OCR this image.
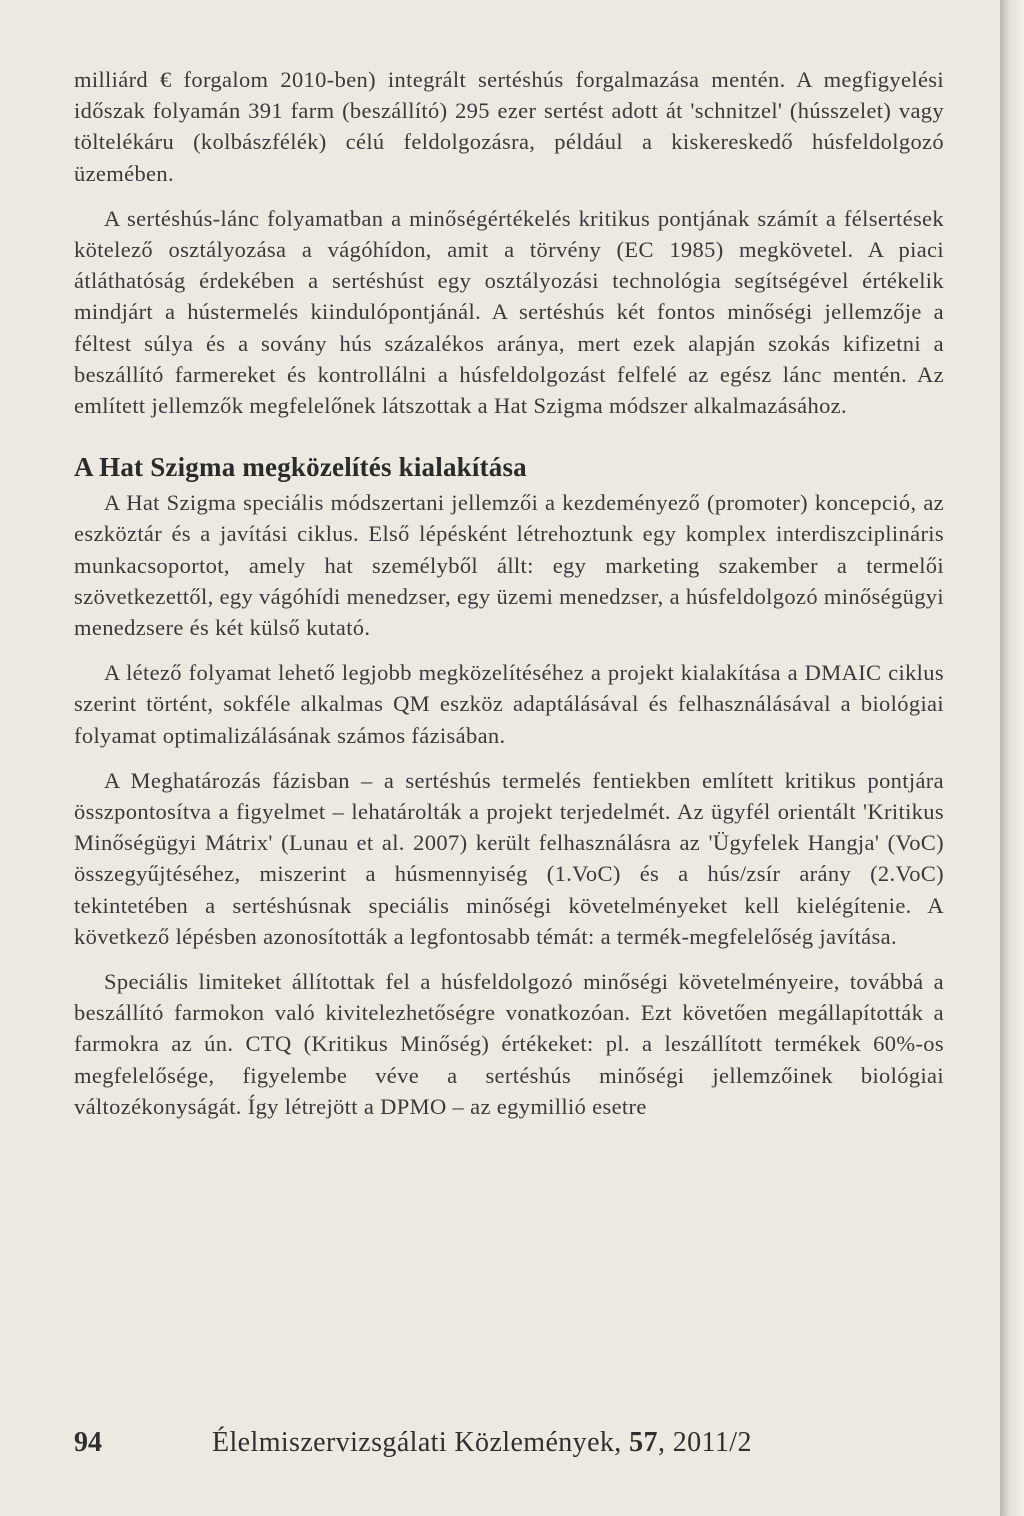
milliárd € forgalom 2010-ben) integrált sertéshús forgalmazása mentén. A megfigyelési időszak folyamán 391 farm (beszállító) 295 ezer sertést adott át 'schnitzel' (hússzelet) vagy töltelékáru (kolbászfélék) célú feldolgozásra, például a kiskereskedő húsfeldolgozó üzemében.

A sertéshús-lánc folyamatban a minőségértékelés kritikus pontjának számít a félsertések kötelező osztályozása a vágóhídon, amit a törvény (EC 1985) megkövetel. A piaci átláthatóság érdekében a sertéshúst egy osztályozási technológia segítségével értékelik mindjárt a hústermelés kiindulópontjánál. A sertéshús két fontos minőségi jellemzője a féltest súlya és a sovány hús százalékos aránya, mert ezek alapján szokás kifizetni a beszállító farmereket és kontrollálni a húsfeldolgozást felfelé az egész lánc mentén. Az említett jellemzők megfelelőnek látszottak a Hat Szigma módszer alkalmazásához.

A Hat Szigma megközelítés kialakítása

A Hat Szigma speciális módszertani jellemzői a kezdeményező (promoter) koncepció, az eszköztár és a javítási ciklus. Első lépésként létrehoztunk egy komplex interdiszciplináris munkacsoportot, amely hat személyből állt: egy marketing szakember a termelői szövetkezettől, egy vágóhídi menedzser, egy üzemi menedzser, a húsfeldolgozó minőségügyi menedzsere és két külső kutató.

A létező folyamat lehető legjobb megközelítéséhez a projekt kialakítása a DMAIC ciklus szerint történt, sokféle alkalmas QM eszköz adaptálásával és felhasználásával a biológiai folyamat optimalizálásának számos fázisában.

A Meghatározás fázisban – a sertéshús termelés fentiekben említett kritikus pontjára összpontosítva a figyelmet – lehatárolták a projekt terjedelmét. Az ügyfél orientált 'Kritikus Minőségügyi Mátrix' (Lunau et al. 2007) került felhasználásra az 'Ügyfelek Hangja' (VoC) összegyűjtéséhez, miszerint a húsmennyiség (1.VoC) és a hús/zsír arány (2.VoC) tekintetében a sertéshúsnak speciális minőségi követelményeket kell kielégítenie. A következő lépésben azonosították a legfontosabb témát: a termék-megfelelőség javítása.

Speciális limiteket állítottak fel a húsfeldolgozó minőségi követelményeire, továbbá a beszállító farmokon való kivitelezhetőségre vonatkozóan. Ezt követően megállapították a farmokra az ún. CTQ (Kritikus Minőség) értékeket: pl. a leszállított termékek 60%-os megfelelősége, figyelembe véve a sertéshús minőségi jellemzőinek biológiai változékonyságát. Így létrejött a DPMO – az egymillió esetre

94	Élelmiszervizsgálati Közlemények, 57, 2011/2
